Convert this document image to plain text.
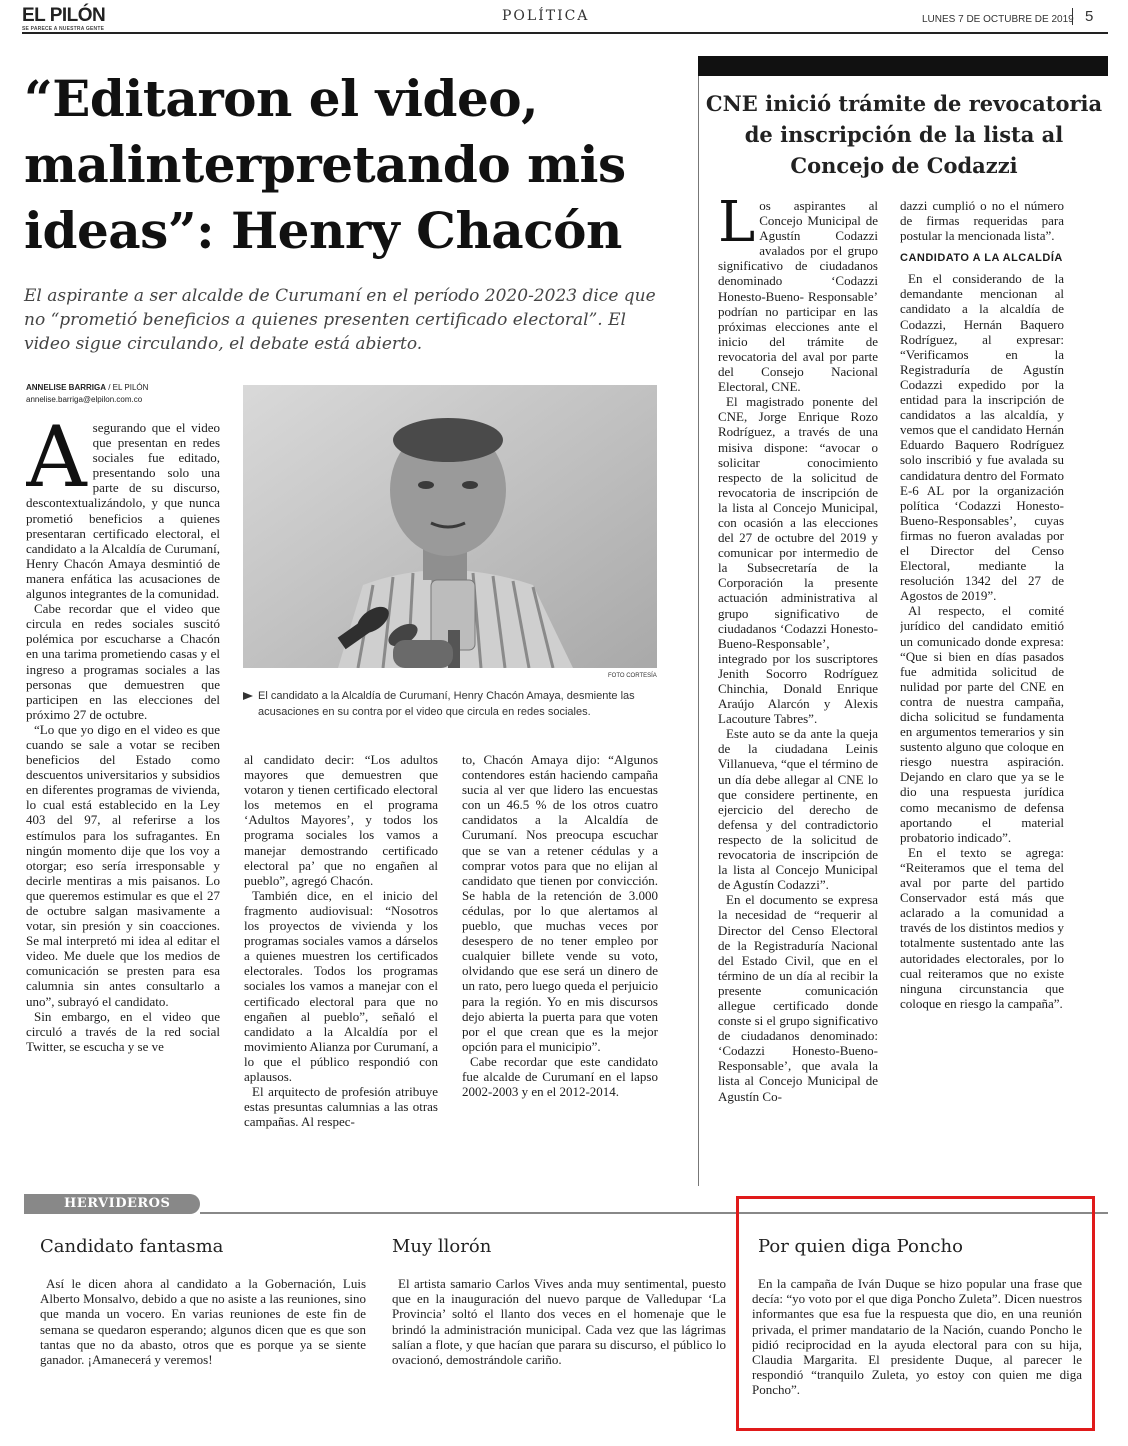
EL PILÓN
SE PARECE A NUESTRA GENTE
POLÍTICA	LUNES 7 DE OCTUBRE DE 2019 5
“Editaron el video, malinterpretando mis ideas”: Henry Chacón
El aspirante a ser alcalde de Curumaní en el período 2020-2023 dice que no “prometió beneficios a quienes presenten certificado electoral”. El video sigue circulando, el debate está abierto.
ANNELISE BARRIGA / EL PILÓN
annelise.barriga@elpilon.com.co
FOTO CORTESÍA
El candidato a la Alcaldía de Curumaní, Henry Chacón Amaya, desmiente las acusaciones en su contra por el video que circula en redes sociales.
A segurando que el video que presentan en redes sociales fue editado, presentando solo una parte de su discurso, descontextualizándolo, y que nunca prometió beneficios a quienes presentaran certificado electoral, el candidato a la Alcaldía de Curumaní, Henry Chacón Amaya desmintió de manera enfática las acusaciones de algunos integrantes de la comunidad.

Cabe recordar que el video que circula en redes sociales suscitó polémica por escucharse a Chacón en una tarima prometiendo casas y el ingreso a programas sociales a las personas que demuestren que participen en las elecciones del próximo 27 de octubre.

“Lo que yo digo en el video es que cuando se sale a votar se reciben beneficios del Estado como descuentos universitarios y subsidios en diferentes programas de vivienda, lo cual está establecido en la Ley 403 del 97, al referirse a los estímulos para los sufragantes. En ningún momento dije que los voy a otorgar; eso sería irresponsable y decirle mentiras a mis paisanos. Lo que queremos estimular es que el 27 de octubre salgan masivamente a votar, sin presión y sin coacciones. Se mal interpretó mi idea al editar el video. Me duele que los medios de comunicación se presten para esa calumnia sin antes consultarlo a uno”, subrayó el candidato.

Sin embargo, en el video que circuló a través de la red social Twitter, se escucha y se ve

al candidato decir: “Los adultos mayores que demuestren que votaron y tienen certificado electoral los metemos en el programa ‘Adultos Mayores’, y todos los programa sociales los vamos a manejar demostrando certificado electoral pa’ que no engañen al pueblo”, agregó Chacón.

También dice, en el inicio del fragmento audiovisual: “Nosotros los proyectos de vivienda y los programas sociales vamos a dárselos a quienes muestren los certificados electorales. Todos los programas sociales los vamos a manejar con el certificado electoral para que no engañen al pueblo”, señaló el candidato a la Alcaldía por el movimiento Alianza por Curumaní, a lo que el público respondió con aplausos.

El arquitecto de profesión atribuye estas presuntas calumnias a las otras campañas. Al respec-

to, Chacón Amaya dijo: “Algunos contendores están haciendo campaña sucia al ver que lidero las encuestas con un 46.5 % de los otros cuatro candidatos a la Alcaldía de Curumaní. Nos preocupa escuchar que se van a retener cédulas y a comprar votos para que no elijan al candidato que tienen por convicción. Se habla de la retención de 3.000 cédulas, por lo que alertamos al pueblo, que muchas veces por desespero de no tener empleo por cualquier billete vende su voto, olvidando que ese será un dinero de un rato, pero luego queda el perjuicio para la región. Yo en mis discursos dejo abierta la puerta para que voten por el que crean que es la mejor opción para el municipio”.

Cabe recordar que este candidato fue alcalde de Curumaní en el lapso 2002-2003 y en el 2012-2014.

CNE inició trámite de revocatoria de inscripción de la lista al Concejo de Codazzi
L os aspirantes al Concejo Municipal de Agustín Codazzi avalados por el grupo significativo de ciudadanos denominado ‘Codazzi Honesto-Bueno- Responsable’ podrían no participar en las próximas elecciones ante el inicio del trámite de revocatoria del aval por parte del Consejo Nacional Electoral, CNE.

El magistrado ponente del CNE, Jorge Enrique Rozo Rodríguez, a través de una misiva dispone: “avocar o solicitar conocimiento respecto de la solicitud de revocatoria de inscripción de la lista al Concejo Municipal, con ocasión a las elecciones del 27 de octubre del 2019 y comunicar por intermedio de la Subsecretaría de la Corporación la presente actuación administrativa al grupo significativo de ciudadanos ‘Codazzi Honesto-Bueno-Responsable’, integrado por los suscriptores Jenith Socorro Rodríguez Chinchia, Donald Enrique Araújo Alarcón y Alexis Lacouture Tabres”.

Este auto se da ante la queja de la ciudadana Leinis Villanueva, “que el término de un día debe allegar al CNE lo que considere pertinente, en ejercicio del derecho de defensa y del contradictorio respecto de la solicitud de revocatoria de inscripción de la lista al Concejo Municipal de Agustín Codazzi”.

En el documento se expresa la necesidad de “requerir al Director del Censo Electoral de la Registraduría Nacional del Estado Civil, que en el término de un día al recibir la presente comunicación allegue certificado donde conste si el grupo significativo de ciudadanos denominado: ‘Codazzi Honesto-Bueno-Responsable’, que avala la lista al Concejo Municipal de Agustín Co-

dazzi cumplió o no el número de firmas requeridas para postular la mencionada lista”.

CANDIDATO A LA ALCALDÍA

En el considerando de la demandante mencionan al candidato a la alcaldía de Codazzi, Hernán Baquero Rodríguez, al expresar: “Verificamos en la Registraduría de Agustín Codazzi expedido por la entidad para la inscripción de candidatos a las alcaldía, y vemos que el candidato Hernán Eduardo Baquero Rodríguez solo inscribió y fue avalada su candidatura dentro del Formato E-6 AL por la organización política ‘Codazzi Honesto- Bueno-Responsables’, cuyas firmas no fueron avaladas por el Director del Censo Electoral, mediante la resolución 1342 del 27 de Agostos de 2019”.

Al respecto, el comité jurídico del candidato emitió un comunicado donde expresa: “Que si bien en días pasados fue admitida solicitud de nulidad por parte del CNE en contra de nuestra campaña, dicha solicitud se fundamenta en argumentos temerarios y sin sustento alguno que coloque en riesgo nuestra aspiración. Dejando en claro que ya se le dio una respuesta jurídica como mecanismo de defensa aportando el material probatorio indicado”.

En el texto se agrega: “Reiteramos que el tema del aval por parte del partido Conservador está más que aclarado a la comunidad a través de los distintos medios y totalmente sustentado ante las autoridades electorales, por lo cual reiteramos que no existe ninguna circunstancia que coloque en riesgo la campaña”.

HERVIDEROS
Candidato fantasma

Así le dicen ahora al candidato a la Gobernación, Luis Alberto Monsalvo, debido a que no asiste a las reuniones, sino que manda un vocero. En varias reuniones de este fin de semana se quedaron esperando; algunos dicen que es que son tantas que no da abasto, otros que es porque ya se siente ganador. ¡Amanecerá y veremos!

Muy llorón

El artista samario Carlos Vives anda muy sentimental, puesto que en la inauguración del nuevo parque de Valledupar ‘La Provincia’ soltó el llanto dos veces en el homenaje que le brindó la administración municipal. Cada vez que las lágrimas salían a flote, y que hacían que parara su discurso, el público lo ovacionó, demostrándole cariño.

Por quien diga Poncho

En la campaña de Iván Duque se hizo popular una frase que decía: “yo voto por el que diga Poncho Zuleta”. Dicen nuestros informantes que esa fue la respuesta que dio, en una reunión privada, el primer mandatario de la Nación, cuando Poncho le pidió reciprocidad en la ayuda electoral para con su hija, Claudia Margarita. El presidente Duque, al parecer le respondió “tranquilo Zuleta, yo estoy con quien me diga Poncho”.
